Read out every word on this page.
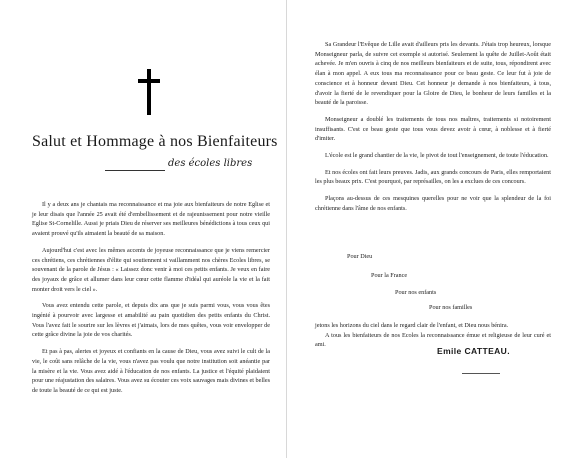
Salut et Hommage à nos Bienfaiteurs
des écoles libres

Il y a deux ans je chantais ma reconnaissance et ma joie aux bienfaiteurs de notre Eglise et je leur disais que l'année 25 avait été d'embellissement et de rajeunissement pour notre vieille Eglise St-Cornelille. Aussi je priais Dieu de réserver ses meilleures bénédictions à tous ceux qui avaient prouvé qu'ils aimaient la beauté de sa maison.

Aujourd'hui c'est avec les mêmes accents de joyeuse reconnaissance que je viens remercier ces chrétiens, ces chrétiennes d'élite qui soutiennent si vaillamment nos chères Ecoles libres, se souvenant de la parole de Jésus : « Laissez donc venir à moi ces petits enfants. Je veux en faire des joyaux de grâce et allumer dans leur cœur cette flamme d'idéal qui auréole la vie et la fait monter droit vers le ciel ».

Vous avez entendu cette parole, et depuis dix ans que je suis parmi vous, vous vous êtes ingénié à pourvoir avec largesse et amabilité au pain quotidien des petits enfants du Christ. Vous l'avez fait le sourire sur les lèvres et j'aimais, lors de mes quêtes, vous voir envelopper de cette grâce divine la joie de vos charités.

Et pas à pas, alertes et joyeux et confiants en la cause de Dieu, vous avez suivi le cult de la vie, le coût sans relâche de la vie, vous n'avez pas voulu que notre institution soit anéantie par la misère et la vie. Vous avez aidé à l'éducation de nos enfants. La justice et l'équité plaidaient pour une réajustation des salaires. Vous avez su écouter ces voix sauvages mais divines et belles de toute la beauté de ce qui est juste.

Sa Grandeur l'Evêque de Lille avait d'ailleurs pris les devants. J'étais trop heureux, lorsque Monseigneur parla, de suivre cet exemple si autorisé. Seulement la quête de Juillet-Août était achevée. Je m'en ouvris à cinq de nos meilleurs bienfaiteurs et de suite, tous, répondirent avec élan à mon appel. A eux tous ma reconnaissance pour ce beau geste. Ce leur fut à joie de conscience et à honneur devant Dieu. Cet honneur je demande à nos bienfaiteurs, à tous, d'avoir la fierté de le revendiquer pour la Gloire de Dieu, le bonheur de leurs familles et la beauté de la paroisse.

Monseigneur a doublé les traitements de tous nos maîtres, traitements si notoirement insuffisants. C'est ce beau geste que tous vous devez avoir à cœur, à noblesse et à fierté d'imiter.

L'école est le grand chantier de la vie, le pivot de tout l'enseignement, de toute l'éducation.

Et nos écoles ont fait leurs preuves. Jadis, aux grands concours de Paris, elles remportaient les plus beaux prix. C'est pourquoi, par représailles, on les a exclues de ces concours.

Plaçons au-dessus de ces mesquines querelles pour ne voir que la splendeur de la foi chrétienne dans l'âme de nos enfants.

Pour Dieu
Pour la France
Pour nos enfants
Pour nos familles

jetons les horizons du ciel dans le regard clair de l'enfant, et Dieu nous bénira.

A tous les bienfaiteurs de nos Ecoles la reconnaissance émue et religieuse de leur curé et ami.

Emile CATTEAU.
